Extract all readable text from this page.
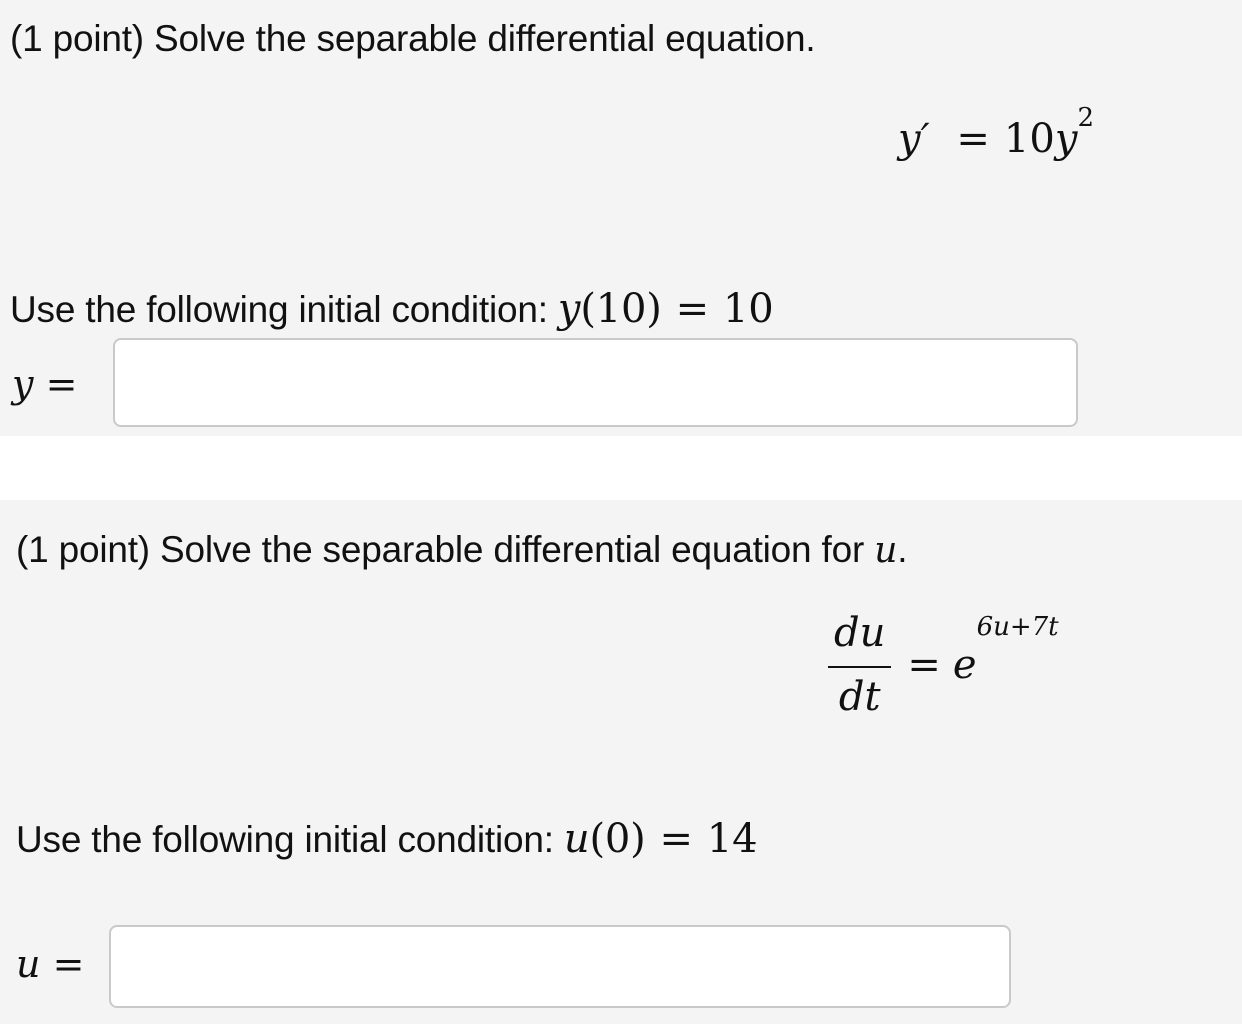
(1 point) Solve the separable differential equation.
$y' = 10y^2$
Use the following initial condition: y(10) = 10
y =
(1 point) Solve the separable differential equation for u.
$\frac{du}{dt} = e^{6u+7t}$
Use the following initial condition: u(0) = 14
u =
